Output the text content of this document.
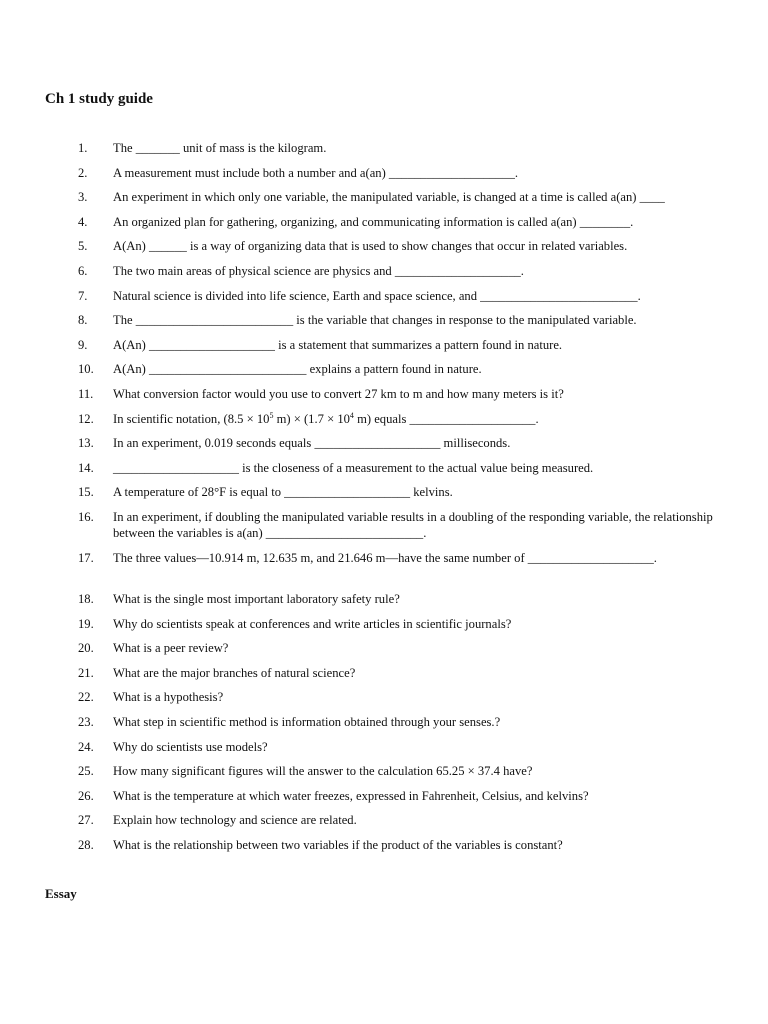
Ch 1 study guide
1.	The _______ unit of mass is the kilogram.
2.	A measurement must include both a number and a(an) ____________________.
3.	An experiment in which only one variable, the manipulated variable, is changed at a time is called a(an) ____
4.	An organized plan for gathering, organizing, and communicating information is called a(an) ________.
5.	A(An) ______ is a way of organizing data that is used to show changes that occur in related variables.
6.	The two main areas of physical science are physics and ____________________.
7.	Natural science is divided into life science, Earth and space science, and _________________________.
8.	The _________________________ is the variable that changes in response to the manipulated variable.
9.	A(An) ____________________ is a statement that summarizes a pattern found in nature.
10.	A(An) _________________________ explains a pattern found in nature.
11.	What conversion factor would you use to convert 27 km to m and how many meters is it?
12.	In scientific notation, ($8.5 \times 10^5$ $m) \times (1.7 \times 10^4$ m) equals ____________________.
13.	In an experiment, 0.019 seconds equals ____________________ milliseconds.
14.	____________________ is the closeness of a measurement to the actual value being measured.
15.	A temperature of 28°F is equal to ____________________ kelvins.
16.	In an experiment, if doubling the manipulated variable results in a doubling of the responding variable, the relationship between the variables is a(an) _________________________.
17.	The three values—10.914 m, 12.635 m, and 21.646 m—have the same number of ____________________.
18.	What is the single most important laboratory safety rule?
19.	Why do scientists speak at conferences and write articles in scientific journals?
20.	What is a peer review?
21.	What are the major branches of natural science?
22.	What is a hypothesis?
23.	What step in scientific method is information obtained through your senses.?
24.	Why do scientists use models?
25.	How many significant figures will the answer to the calculation 65.25 × 37.4 have?
26.	What is the temperature at which water freezes, expressed in Fahrenheit, Celsius, and kelvins?
27.	Explain how technology and science are related.
28.	What is the relationship between two variables if the product of the variables is constant?
Essay
